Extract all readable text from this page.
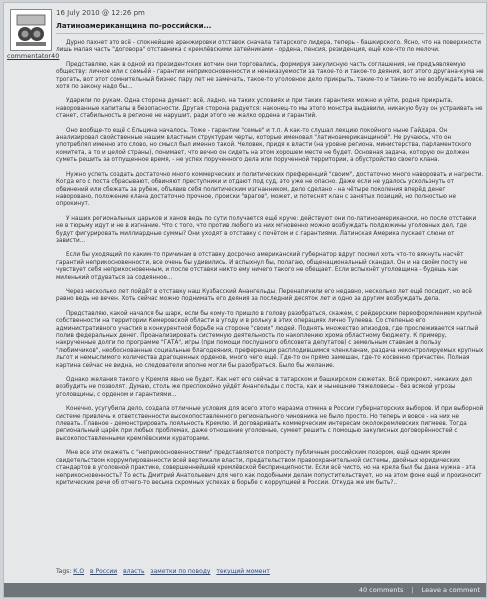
commentator40
16 July 2010 @ 12:26 pm
Латиноамериканщина по-российски...

Дурно пахнет это всё - спокнейшие аранжировки отставок сначала татарского лидера, теперь - башкирского. Ясно, что на поверхности лишь малая часть "договора" отставника с кремлёвскими затейниками - ордена, пенсия, резиденция, ещё кое-что по мелочи.

Представляю, как в одной из президентских вотчин они торговались, формируя закулисную часть соглашения, не предъявляемую обществу: личное или с семьёй - гарантии неприкосновенности и ненаказуемости за такое-то и такое-то деяния, вот этого другана-кума не трогать, вот этот сомнительный бизнес пару лет не замечать, такое-то уголовное дело прикрыть, такие-то и такие-то не возбуждать вовсе, хотя по закону надо бы...

Ударили по рукам. Одна сторона думает: всё, ладно, на таких условиях и при таких гарантиях можно и уйти, родня прикрыта, наворованные капиталы в безопасности. Другая сторона радуется: наконец-то мы этого монстра выдавили, никакую бузу он устраивать не станет, стабильность в регионе не нарушит, ради этого не жалко ордена и гарантий.

Оно вообще-то ещё с Ельцина началось. Тоже - гарантии "семье" и т.п. А как-то слушал лекцию покойного ныне Гайдара. Он анализировал свойственные нашим властным структурам черты, которые именовал "латиноамериканщиной". Не ручаюсь, что он употреблял именно это слово, но смысл был именно такой. Человек, придя к власти (на уровне региона, министерства, парламентского комитета, а то и целой страны), понимает, что вечно он сидеть на этом хорошем месте не будет. Основная задача, которую он должен суметь решить за отпущенное время, - не успех порученного дела или порученной территории, а обустройство своего клана.

Нужно успеть создать достаточно много коммерческих и политических преференций "своим", достаточно много наворовать и нагрести. Когда его с поста сбрасывают, обвиняют преступники и отдают под суд, это уже не опасно. Даже если не удалось ускользнуть от обвинений или сбежать за рубеж, объявив себя политическим изгнанником, дело сделано - на чётыре поколения вперёд денег наворовано, положение клана достаточно прочное, происки "врагов", может, и потеснят клан с занятых позиций, но полностью не опрокинут.

У наших региональных царьков и ханов ведь по сути получается ещё круче: действуют они по-латиноамерикански, но после отставки не в тюрьму идут и не в изгнание. Что с того, что против любого из них мгновенно можно возбуждать полдюжины уголовных дел, где будут фигурировать миллиардные суммы? Они уходят в отставку с почётом и с гарантиями. Латинская Америка пускает слюни от зависти...

Если бы уходящий по каким-то причинам в отставку досрочно американский губернатор вдруг посмел хоть что-то вякнуть насчёт гарантий неприкосновенности, все очень бы удивились. И вспыхнул бы, полагаю, общенациональный скандал. Он и на своём посту не чувствует себя неприкосновенным, и после отставки никто ему ничего такого не обещает. Если вспыхнёт уголовщина - будешь как миленький отдуваться за содеянное...

Через несколько лет пойдёт в отставку наш Кузбасский Анангельды. Перенапичили его недавно, несколько лет ещё посидит, но всё равно ведь не вечен. Хоть сейчас можно поднимать его деяния за последний десяток лет и одно за другим возбуждать дела.

Представляю, какой начался бы шарк, если бы кому-то пришло в голову разобраться, скажем, с рейдерским переоформлением крупной собственности на территории Кемеровской области в угоду и в рольку в этих операциях лично Тулеева. Со степенью его административного участия в конкурентной борьбе на стороне "своих" людей. Поднять множество эпизодов, где прослеживается наглый полив федеральных денег. Проанализировать системную деятельность по накоплению хрома областному бюджету. К примеру, накрученные долги по программе "ГАТА", игры (при помощи послушного облсовета депутатов) с земельным ставкам в пользу "любимчиков", необоснованные социальные благодеяния, преференции расплодившимся членкланам, раздача неконтролируемых крупных льгот и немыслимого количества драгоценных орденов, много чего ещё. Где-то он прямо замешан, где-то косвенно причастен. Полная картина сейчас не видна, но следователи вполне могли бы разобраться. Было бы желание.

Однако желания такого у Кремля явно не будет. Как нет его сейчас в татарском и башкирском сюжетах. Всё прикроют, никаких дел возбудить не позволят. Думаю, столь же преспокойно уйдёт Анангельды с поста, как и нынешние тяжеловесы - без всякой угрозы уголовщины, с орденом и гарантиями...

Конечно, усугубила дело, создала отличные условия для всего этого маразма отмена в России губернаторских выборов. И при выборной системе привлечь к ответственности высокопоставленного регионального чиновника не было просто. Но теперь и вовсе - на них не плевать. Главное - демонстрировать лояльность Кремлю. И договаривать коммерческим интересам околокремлевских пигмеев. Тогда региональный царёк при любых проблемах, даже отношение уголовные, сумеет решить с помощью закулисных договорённостей с высокопоставленными кремлёвскими кураторами.

Мне все эти окажеть с "неприкосновенностями" представляются попросту публичным российским позором, ещё одним ярким свидетельством коррумпированности всей вертикали власти, предательством правоохранительной системы, двойных юридических стандартов в уголовной практике, совершеннейшей кремлёвской беспринципности. Если всё чисто, но на крела был бы дана нужна - эта неприкосновенность? То есть Дмитрий Анатольевич для чего как подобными делам попустительствует, но на этом фоне ещё и произносит критические речи об отчего-то весьма скромных успехах в борьбе с коррупцией в России. Откуда же им быть?..

Tags: К.О в России власть заметки по поводу текущий момент
40 comments	|	Leave a comment
